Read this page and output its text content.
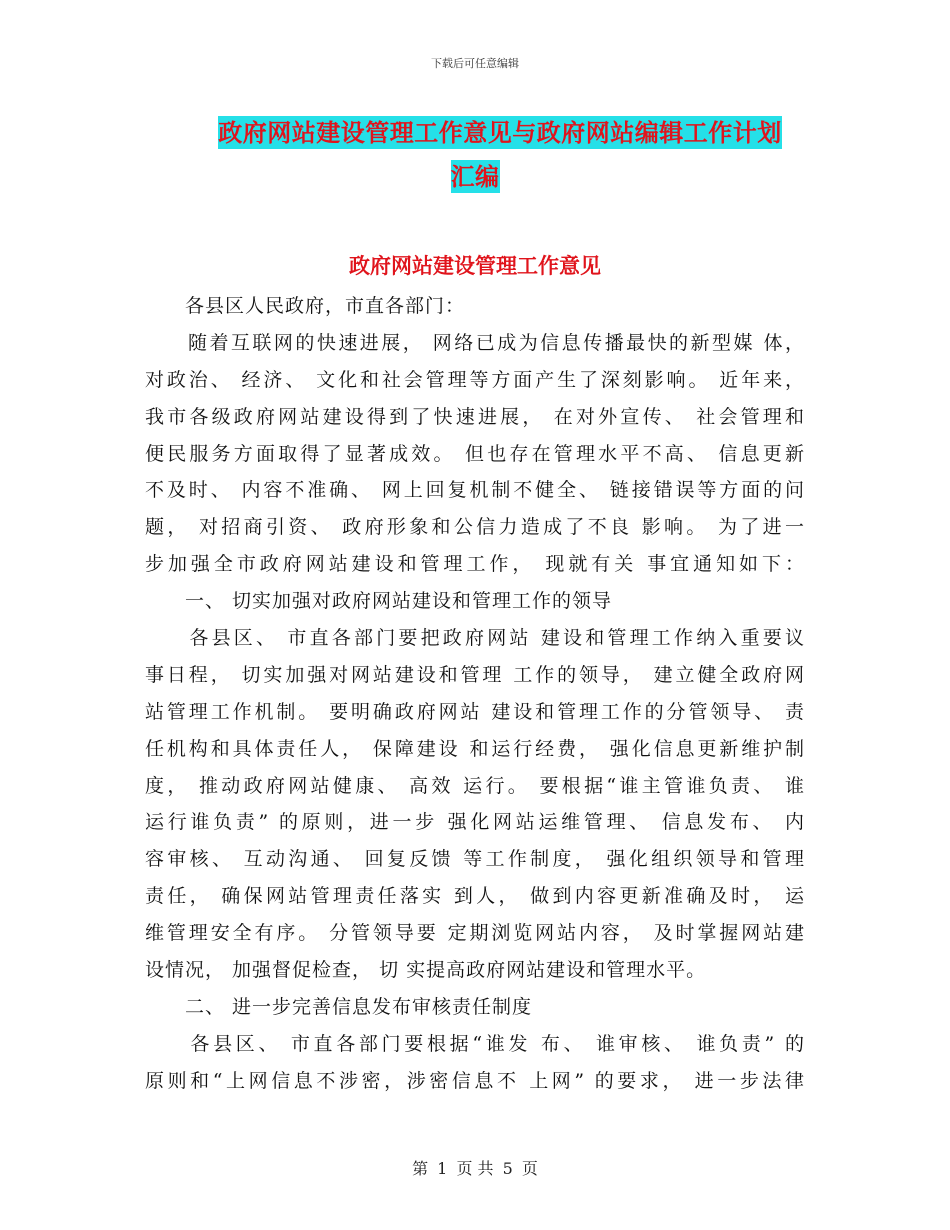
下载后可任意编辑
政府网站建设管理工作意见与政府网站编辑工作计划
汇编
政府网站建设管理工作意见
　　各县区人民政府，市直各部门：
　　随着互联网的快速进展， 网络已成为信息传播最快的新型媒 体，
对政治、 经济、 文化和社会管理等方面产生了深刻影响。 近年来，
我市各级政府网站建设得到了快速进展， 在对外宣传、 社会管理和
便民服务方面取得了显著成效。 但也存在管理水平不高、 信息更新
不及时、 内容不准确、 网上回复机制不健全、 链接错误等方面的问
题， 对招商引资、 政府形象和公信力造成了不良 影响。 为了进一
步加强全市政府网站建设和管理工作， 现就有关 事宜通知如下：
　　一、 切实加强对政府网站建设和管理工作的领导
　　各县区、 市直各部门要把政府网站 建设和管理工作纳入重要议
事日程， 切实加强对网站建设和管理 工作的领导， 建立健全政府网
站管理工作机制。 要明确政府网站 建设和管理工作的分管领导、 责
任机构和具体责任人， 保障建设 和运行经费， 强化信息更新维护制
度， 推动政府网站健康、 高效 运行。 要根据“谁主管谁负责、 谁
运行谁负责” 的原则，进一步 强化网站运维管理、 信息发布、 内
容审核、 互动沟通、 回复反馈 等工作制度， 强化组织领导和管理
责任， 确保网站管理责任落实 到人， 做到内容更新准确及时， 运
维管理安全有序。 分管领导要 定期浏览网站内容， 及时掌握网站建
设情况， 加强督促检查， 切 实提高政府网站建设和管理水平。
　　二、 进一步完善信息发布审核责任制度
　　各县区、 市直各部门要根据“谁发 布、 谁审核、 谁负责” 的
原则和“上网信息不涉密，涉密信息不 上网” 的要求， 进一步法律
第 1 页 共 5 页
